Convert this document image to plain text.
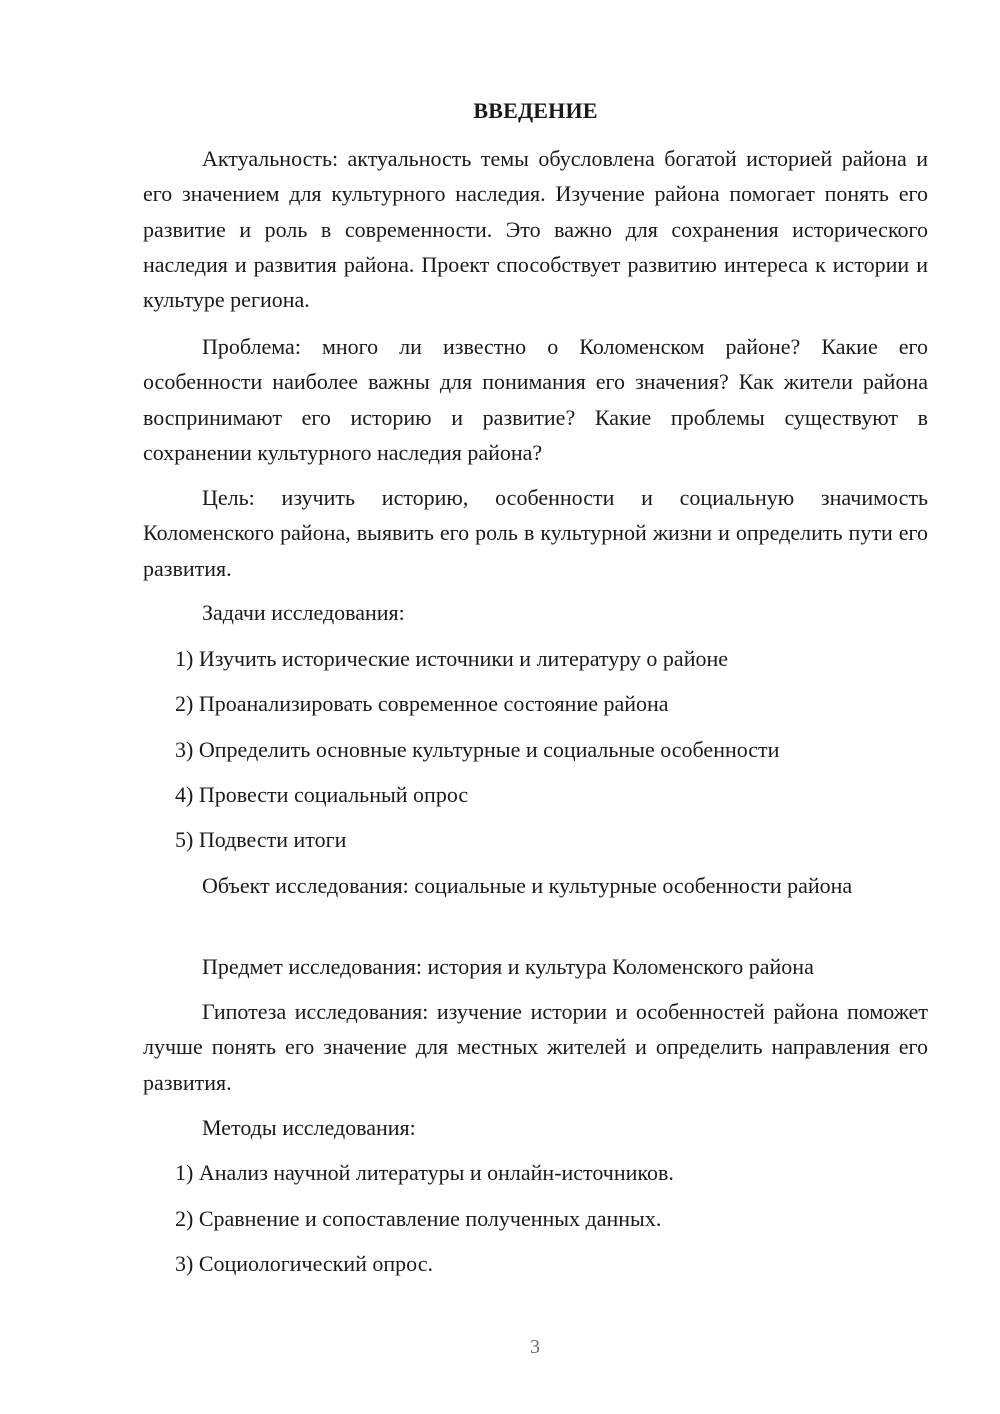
ВВЕДЕНИЕ

Актуальность: актуальность темы обусловлена богатой историей района и его значением для культурного наследия. Изучение района помогает понять его развитие и роль в современности. Это важно для сохранения исторического наследия и развития района. Проект способствует развитию интереса к истории и культуре региона.

Проблема: много ли известно о Коломенском районе? Какие его особенности наиболее важны для понимания его значения? Как жители района воспринимают его историю и развитие? Какие проблемы существуют в сохранении культурного наследия района?

Цель: изучить историю, особенности и социальную значимость Коломенского района, выявить его роль в культурной жизни и определить пути его развития.

Задачи исследования:

1) Изучить исторические источники и литературу о районе

2) Проанализировать современное состояние района

3) Определить основные культурные и социальные особенности

4) Провести социальный опрос

5) Подвести итоги

Объект исследования: социальные и культурные особенности района

Предмет исследования: история и культура Коломенского района

Гипотеза исследования: изучение истории и особенностей района поможет лучше понять его значение для местных жителей и определить направления его развития.

Методы исследования:

1) Анализ научной литературы и онлайн-источников.

2) Сравнение и сопоставление полученных данных.

3) Социологический опрос.

3
